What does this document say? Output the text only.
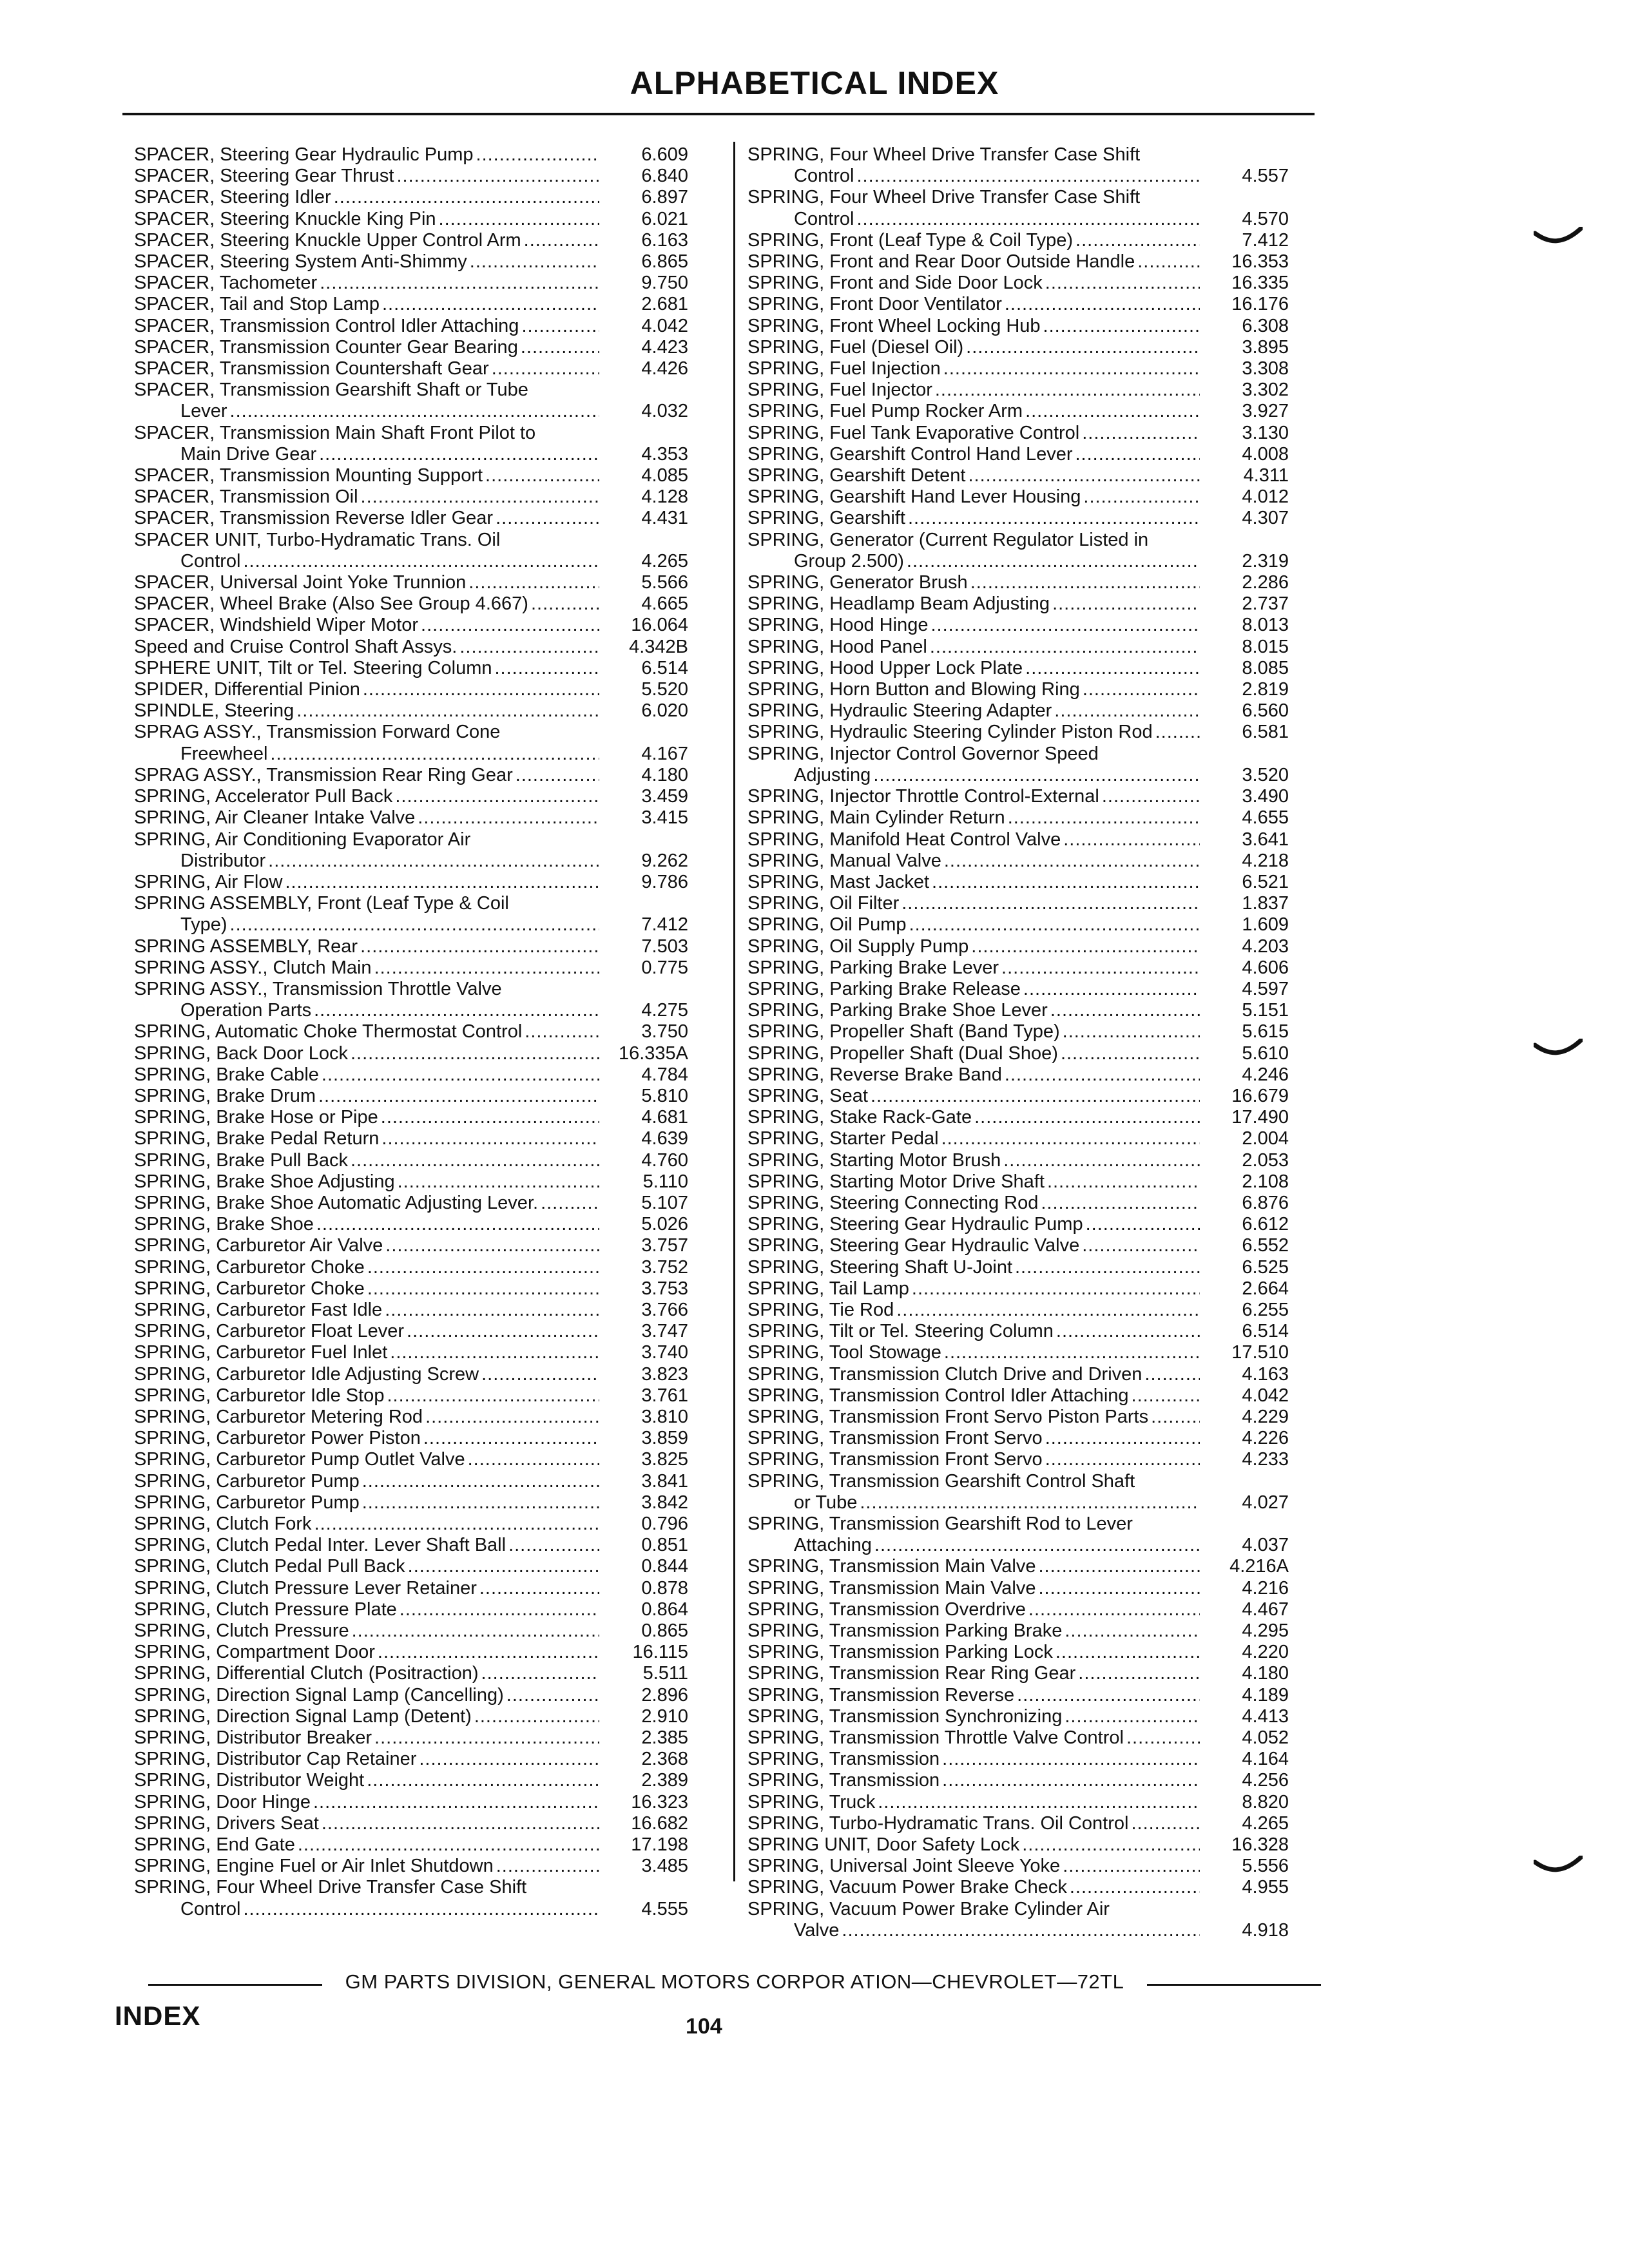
ALPHABETICAL INDEX
SPACER, Steering Gear Hydraulic Pump .....	6.609
SPACER, Steering Gear Thrust .....	6.840
SPACER, Steering Idler .....	6.897
SPACER, Steering Knuckle King Pin .....	6.021
SPACER, Steering Knuckle Upper Control Arm .....	6.163
SPACER, Steering System Anti-Shimmy .....	6.865
SPACER, Tachometer .....	9.750
SPACER, Tail and Stop Lamp .....	2.681
SPACER, Transmission Control Idler Attaching .....	4.042
SPACER, Transmission Counter Gear Bearing .....	4.423
SPACER, Transmission Countershaft Gear .....	4.426
SPACER, Transmission Gearshift Shaft or Tube
Lever .....	4.032
SPACER, Transmission Main Shaft Front Pilot to
Main Drive Gear .....	4.353
SPACER, Transmission Mounting Support .....	4.085
SPACER, Transmission Oil .....	4.128
SPACER, Transmission Reverse Idler Gear .....	4.431
SPACER UNIT, Turbo-Hydramatic Trans. Oil
Control .....	4.265
SPACER, Universal Joint Yoke Trunnion .....	5.566
SPACER, Wheel Brake (Also See Group 4.667) .....	4.665
SPACER, Windshield Wiper Motor .....	16.064
Speed and Cruise Control Shaft Assys. .....	4.342B
SPHERE UNIT, Tilt or Tel. Steering Column .....	6.514
SPIDER, Differential Pinion .....	5.520
SPINDLE, Steering .....	6.020
SPRAG ASSY., Transmission Forward Cone
Freewheel .....	4.167
SPRAG ASSY., Transmission Rear Ring Gear .....	4.180
SPRING, Accelerator Pull Back .....	3.459
SPRING, Air Cleaner Intake Valve .....	3.415
SPRING, Air Conditioning Evaporator Air
Distributor .....	9.262
SPRING, Air Flow .....	9.786
SPRING ASSEMBLY, Front (Leaf Type & Coil
Type) .....	7.412
SPRING ASSEMBLY, Rear .....	7.503
SPRING ASSY., Clutch Main .....	0.775
SPRING ASSY., Transmission Throttle Valve
Operation Parts .....	4.275
SPRING, Automatic Choke Thermostat Control .....	3.750
SPRING, Back Door Lock .....	16.335A
SPRING, Brake Cable .....	4.784
SPRING, Brake Drum .....	5.810
SPRING, Brake Hose or Pipe .....	4.681
SPRING, Brake Pedal Return .....	4.639
SPRING, Brake Pull Back .....	4.760
SPRING, Brake Shoe Adjusting .....	5.110
SPRING, Brake Shoe Automatic Adjusting Lever. .....	5.107
SPRING, Brake Shoe .....	5.026
SPRING, Carburetor Air Valve .....	3.757
SPRING, Carburetor Choke .....	3.752
SPRING, Carburetor Choke .....	3.753
SPRING, Carburetor Fast Idle .....	3.766
SPRING, Carburetor Float Lever .....	3.747
SPRING, Carburetor Fuel Inlet .....	3.740
SPRING, Carburetor Idle Adjusting Screw .....	3.823
SPRING, Carburetor Idle Stop .....	3.761
SPRING, Carburetor Metering Rod .....	3.810
SPRING, Carburetor Power Piston .....	3.859
SPRING, Carburetor Pump Outlet Valve .....	3.825
SPRING, Carburetor Pump .....	3.841
SPRING, Carburetor Pump .....	3.842
SPRING, Clutch Fork .....	0.796
SPRING, Clutch Pedal Inter. Lever Shaft Ball .....	0.851
SPRING, Clutch Pedal Pull Back .....	0.844
SPRING, Clutch Pressure Lever Retainer .....	0.878
SPRING, Clutch Pressure Plate .....	0.864
SPRING, Clutch Pressure .....	0.865
SPRING, Compartment Door .....	16.115
SPRING, Differential Clutch (Positraction) .....	5.511
SPRING, Direction Signal Lamp (Cancelling) .....	2.896
SPRING, Direction Signal Lamp (Detent) .....	2.910
SPRING, Distributor Breaker .....	2.385
SPRING, Distributor Cap Retainer .....	2.368
SPRING, Distributor Weight .....	2.389
SPRING, Door Hinge .....	16.323
SPRING, Drivers Seat .....	16.682
SPRING, End Gate .....	17.198
SPRING, Engine Fuel or Air Inlet Shutdown .....	3.485
SPRING, Four Wheel Drive Transfer Case Shift
Control .....	4.555
SPRING, Four Wheel Drive Transfer Case Shift
Control .....	4.557
SPRING, Four Wheel Drive Transfer Case Shift
Control .....	4.570
SPRING, Front (Leaf Type & Coil Type) .....	7.412
SPRING, Front and Rear Door Outside Handle .....	16.353
SPRING, Front and Side Door Lock .....	16.335
SPRING, Front Door Ventilator .....	16.176
SPRING, Front Wheel Locking Hub .....	6.308
SPRING, Fuel (Diesel Oil) .....	3.895
SPRING, Fuel Injection .....	3.308
SPRING, Fuel Injector .....	3.302
SPRING, Fuel Pump Rocker Arm .....	3.927
SPRING, Fuel Tank Evaporative Control .....	3.130
SPRING, Gearshift Control Hand Lever .....	4.008
SPRING, Gearshift Detent .....	4.311
SPRING, Gearshift Hand Lever Housing .....	4.012
SPRING, Gearshift .....	4.307
SPRING, Generator (Current Regulator Listed in
Group 2.500) .....	2.319
SPRING, Generator Brush .....	2.286
SPRING, Headlamp Beam Adjusting .....	2.737
SPRING, Hood Hinge .....	8.013
SPRING, Hood Panel .....	8.015
SPRING, Hood Upper Lock Plate .....	8.085
SPRING, Horn Button and Blowing Ring .....	2.819
SPRING, Hydraulic Steering Adapter .....	6.560
SPRING, Hydraulic Steering Cylinder Piston Rod .....	6.581
SPRING, Injector Control Governor Speed
Adjusting .....	3.520
SPRING, Injector Throttle Control-External .....	3.490
SPRING, Main Cylinder Return .....	4.655
SPRING, Manifold Heat Control Valve .....	3.641
SPRING, Manual Valve .....	4.218
SPRING, Mast Jacket .....	6.521
SPRING, Oil Filter .....	1.837
SPRING, Oil Pump .....	1.609
SPRING, Oil Supply Pump .....	4.203
SPRING, Parking Brake Lever .....	4.606
SPRING, Parking Brake Release .....	4.597
SPRING, Parking Brake Shoe Lever .....	5.151
SPRING, Propeller Shaft (Band Type) .....	5.615
SPRING, Propeller Shaft (Dual Shoe) .....	5.610
SPRING, Reverse Brake Band .....	4.246
SPRING, Seat .....	16.679
SPRING, Stake Rack-Gate .....	17.490
SPRING, Starter Pedal .....	2.004
SPRING, Starting Motor Brush .....	2.053
SPRING, Starting Motor Drive Shaft .....	2.108
SPRING, Steering Connecting Rod .....	6.876
SPRING, Steering Gear Hydraulic Pump .....	6.612
SPRING, Steering Gear Hydraulic Valve .....	6.552
SPRING, Steering Shaft U-Joint .....	6.525
SPRING, Tail Lamp .....	2.664
SPRING, Tie Rod .....	6.255
SPRING, Tilt or Tel. Steering Column .....	6.514
SPRING, Tool Stowage .....	17.510
SPRING, Transmission Clutch Drive and Driven .....	4.163
SPRING, Transmission Control Idler Attaching .....	4.042
SPRING, Transmission Front Servo Piston Parts .....	4.229
SPRING, Transmission Front Servo .....	4.226
SPRING, Transmission Front Servo .....	4.233
SPRING, Transmission Gearshift Control Shaft
or Tube .....	4.027
SPRING, Transmission Gearshift Rod to Lever
Attaching .....	4.037
SPRING, Transmission Main Valve .....	4.216A
SPRING, Transmission Main Valve .....	4.216
SPRING, Transmission Overdrive .....	4.467
SPRING, Transmission Parking Brake .....	4.295
SPRING, Transmission Parking Lock .....	4.220
SPRING, Transmission Rear Ring Gear .....	4.180
SPRING, Transmission Reverse .....	4.189
SPRING, Transmission Synchronizing .....	4.413
SPRING, Transmission Throttle Valve Control .....	4.052
SPRING, Transmission .....	4.164
SPRING, Transmission .....	4.256
SPRING, Truck .....	8.820
SPRING, Turbo-Hydramatic Trans. Oil Control .....	4.265
SPRING UNIT, Door Safety Lock .....	16.328
SPRING, Universal Joint Sleeve Yoke .....	5.556
SPRING, Vacuum Power Brake Check .....	4.955
SPRING, Vacuum Power Brake Cylinder Air
Valve .....	4.918
GM PARTS DIVISION, GENERAL MOTORS CORPOR ATION—CHEVROLET—72TL
INDEX	104
